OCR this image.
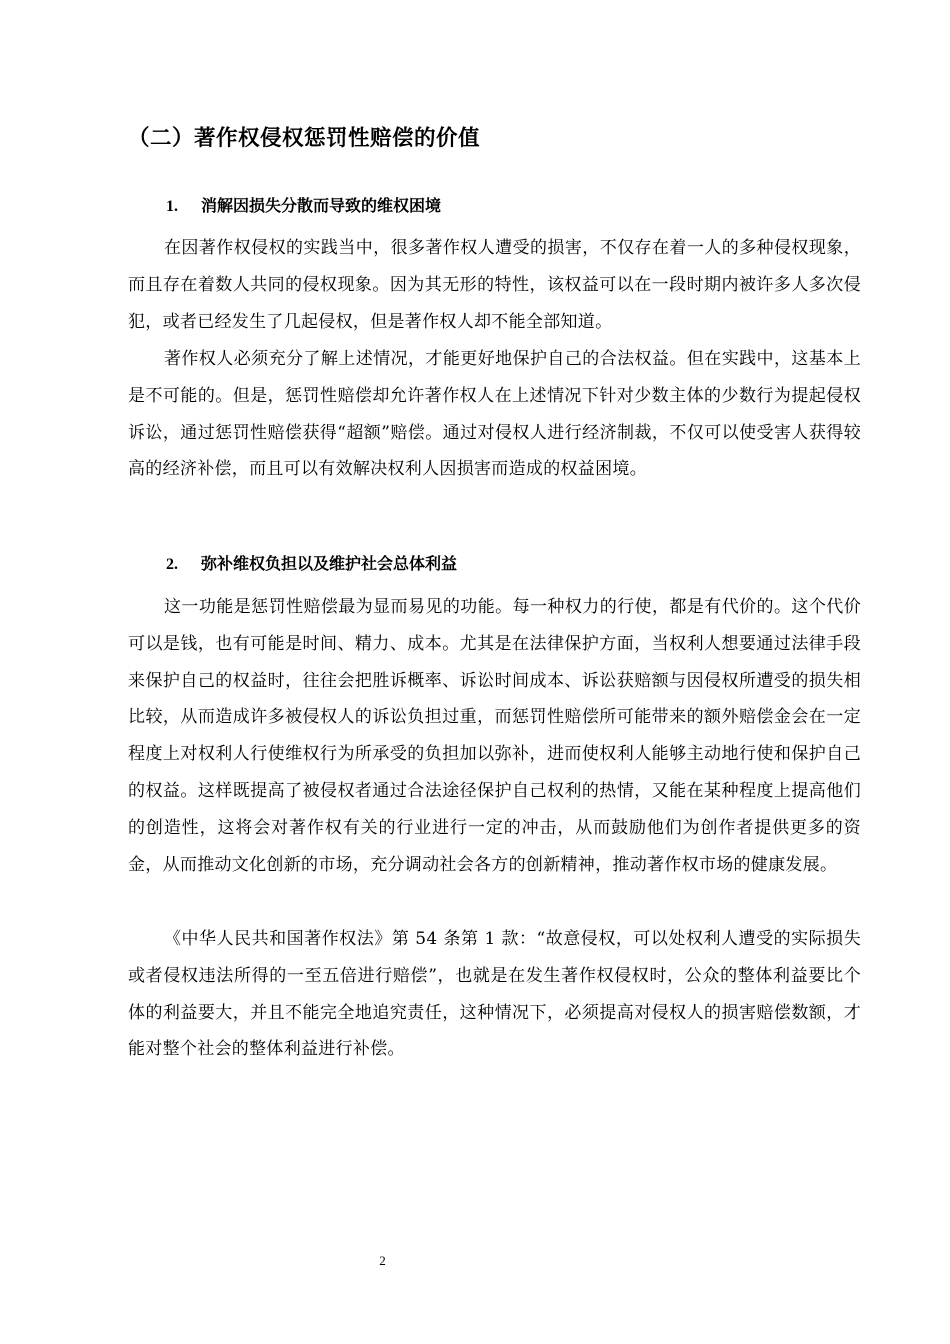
（二）著作权侵权惩罚性赔偿的价值
1. 消解因损失分散而导致的维权困境

在因著作权侵权的实践当中，很多著作权人遭受的损害，不仅存在着一人的多种侵权现象，而且存在着数人共同的侵权现象。因为其无形的特性，该权益可以在一段时期内被许多人多次侵犯，或者已经发生了几起侵权，但是著作权人却不能全部知道。

著作权人必须充分了解上述情况，才能更好地保护自己的合法权益。但在实践中，这基本上是不可能的。但是，惩罚性赔偿却允许著作权人在上述情况下针对少数主体的少数行为提起侵权诉讼，通过惩罚性赔偿获得“超额”赔偿。通过对侵权人进行经济制裁，不仅可以使受害人获得较高的经济补偿，而且可以有效解决权利人因损害而造成的权益困境。

2. 弥补维权负担以及维护社会总体利益

这一功能是惩罚性赔偿最为显而易见的功能。每一种权力的行使，都是有代价的。这个代价可以是钱，也有可能是时间、精力、成本。尤其是在法律保护方面，当权利人想要通过法律手段来保护自己的权益时，往往会把胜诉概率、诉讼时间成本、诉讼获赔额与因侵权所遭受的损失相比较，从而造成许多被侵权人的诉讼负担过重，而惩罚性赔偿所可能带来的额外赔偿金会在一定程度上对权利人行使维权行为所承受的负担加以弥补，进而使权利人能够主动地行使和保护自己的权益。这样既提高了被侵权者通过合法途径保护自己权利的热情，又能在某种程度上提高他们的创造性，这将会对著作权有关的行业进行一定的冲击，从而鼓励他们为创作者提供更多的资金，从而推动文化创新的市场，充分调动社会各方的创新精神，推动著作权市场的健康发展。

《中华人民共和国著作权法》第 54 条第 1 款：“故意侵权，可以处权利人遭受的实际损失或者侵权违法所得的一至五倍进行赔偿”，也就是在发生著作权侵权时，公众的整体利益要比个体的利益要大，并且不能完全地追究责任，这种情况下，必须提高对侵权人的损害赔偿数额，才能对整个社会的整体利益进行补偿。

2
